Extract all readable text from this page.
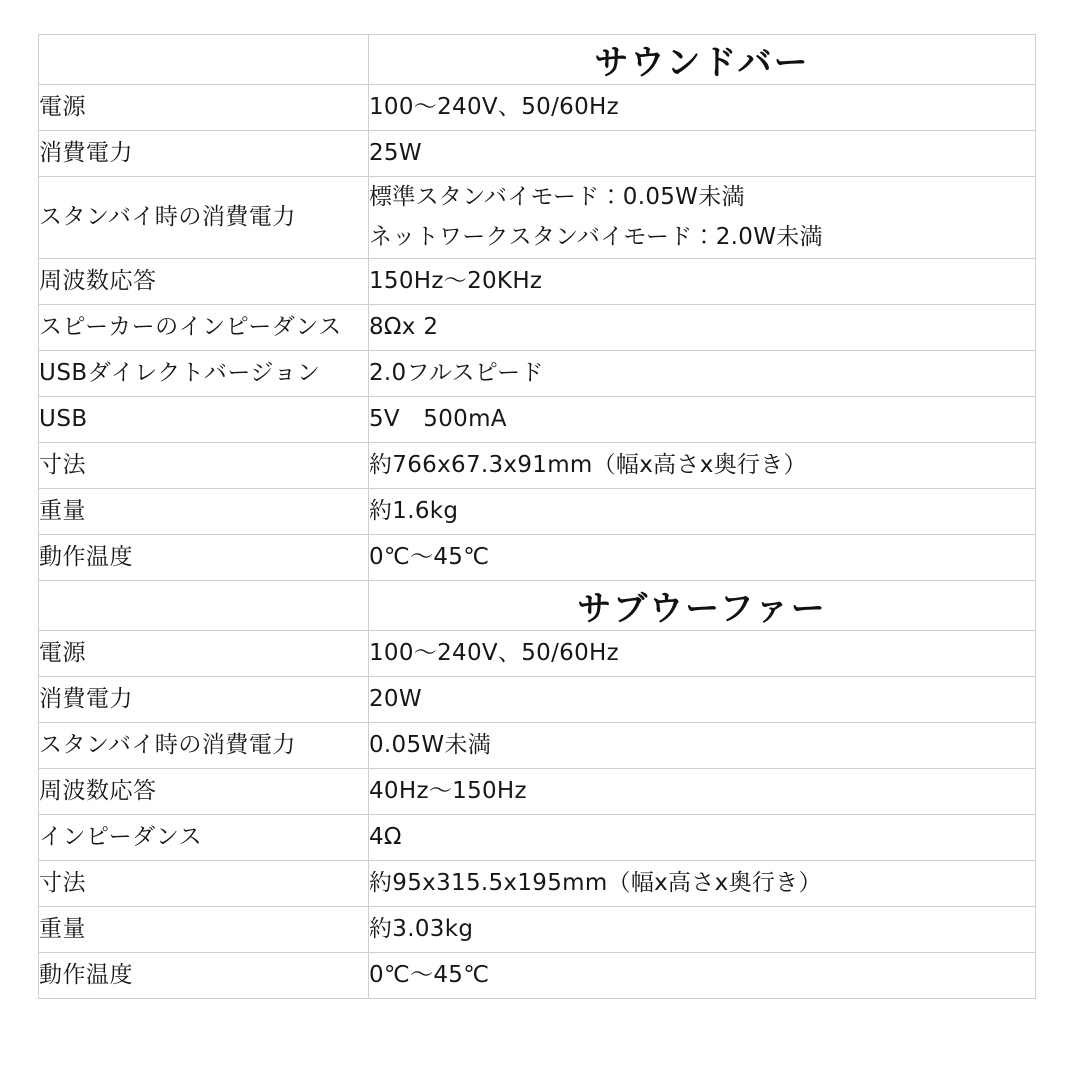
	サウンドバー
電源	100〜240V、50/60Hz

消費電力	25W

スタンバイ時の消費電力	標準スタンバイモード：0.05W未満
ネットワークスタンバイモード：2.0W未満

周波数応答	150Hz〜20KHz

スピーカーのインピーダンス	8Ωx 2

USBダイレクトバージョン	2.0フルスピード

USB	5V　500mA

寸法	約766x67.3x91mm（幅x高さx奥行き）

重量	約1.6kg

動作温度	0℃〜45℃

	サブウーファー
電源	100〜240V、50/60Hz

消費電力	20W

スタンバイ時の消費電力	0.05W未満

周波数応答	40Hz〜150Hz

インピーダンス	4Ω

寸法	約95x315.5x195mm（幅x高さx奥行き）

重量	約3.03kg

動作温度	0℃〜45℃
